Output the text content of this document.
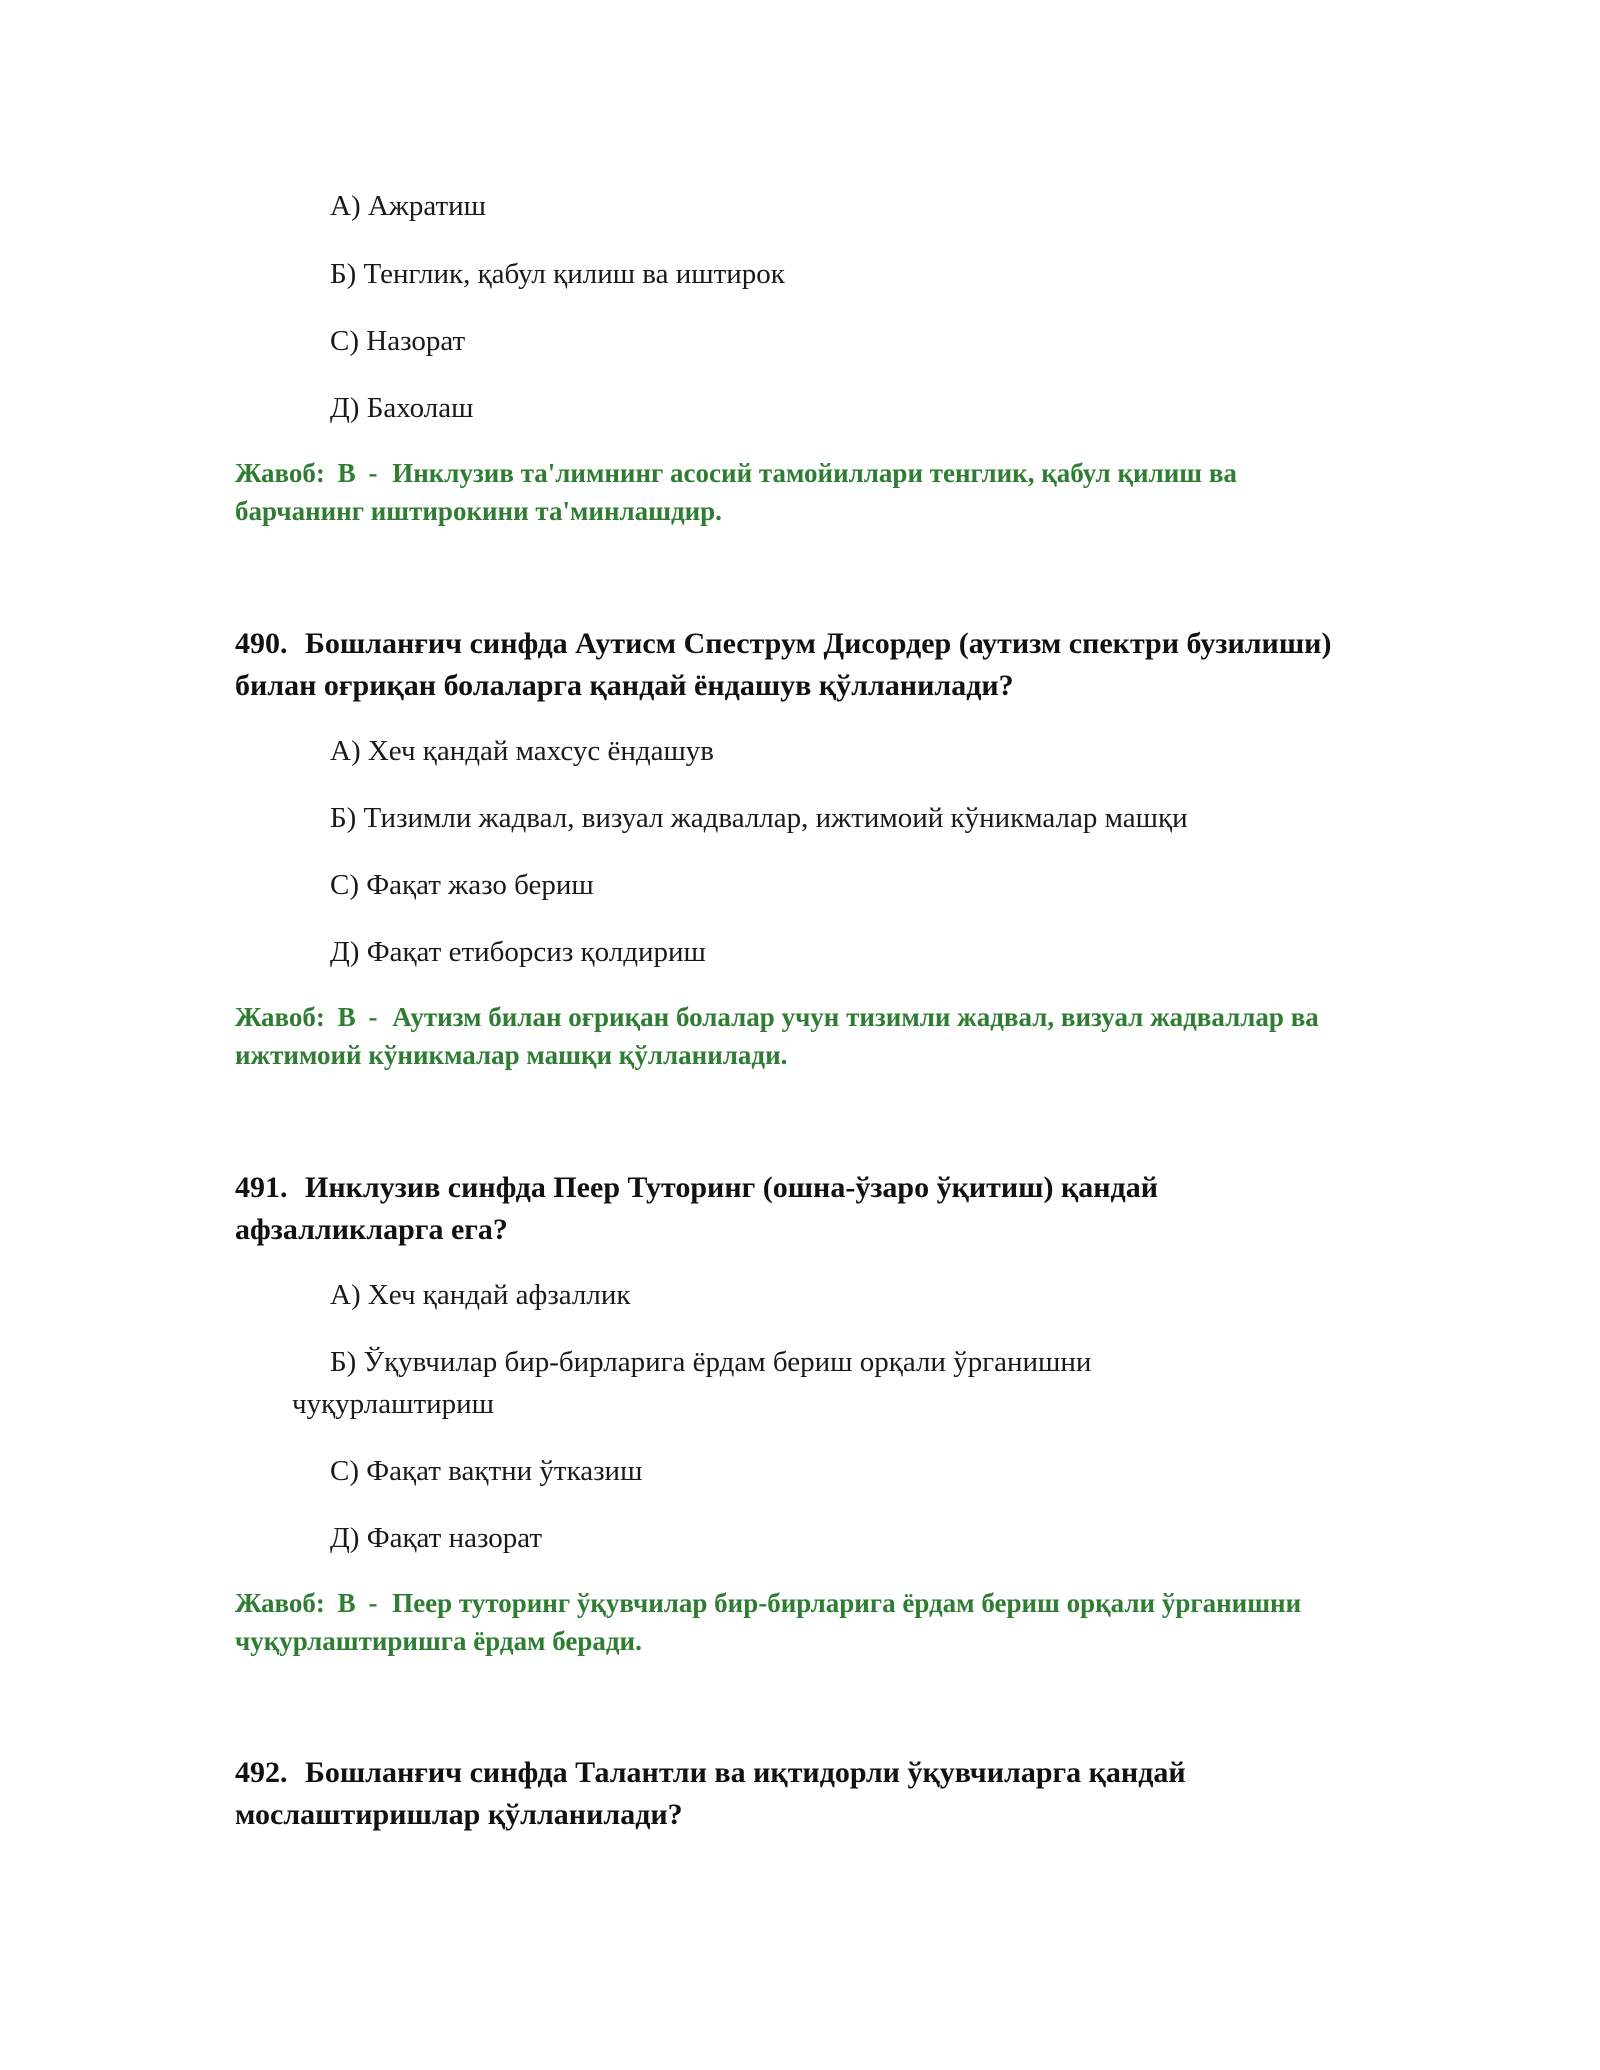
А) Ажратиш
Б) Тенглик, қабул қилиш ва иштирок
С) Назорат
Д) Бахолаш
Жавоб: В - Инклузив та'лимнинг асосий тамойиллари тенглик, қабул қилиш ва барчанинг иштирокини та'минлашдир.
490. Бошланғич синфда Аутисм Спеструм Дисордер (аутизм спектри бузилиши) билан оғриқан болаларга қандай ёндашув қўлланилади?
А) Хеч қандай махсус ёндашув
Б) Тизимли жадвал, визуал жадваллар, ижтимоий кўникмалар машқи
С) Фақат жазо бериш
Д) Фақат етиборсиз қолдириш
Жавоб: В - Аутизм билан оғриқан болалар учун тизимли жадвал, визуал жадваллар ва ижтимоий кўникмалар машқи қўлланилади.
491. Инклузив синфда Пеер Туторинг (ошна-ўзаро ўқитиш) қандай афзалликларга ега?
А) Хеч қандай афзаллик
Б) Ўқувчилар бир-бирларига ёрдам бериш орқали ўрганишни чуқурлаштириш
С) Фақат вақтни ўтказиш
Д) Фақат назорат
Жавоб: В - Пеер туторинг ўқувчилар бир-бирларига ёрдам бериш орқали ўрганишни чуқурлаштиришга ёрдам беради.
492. Бошланғич синфда Талантли ва иқтидорли ўқувчиларга қандай мослаштиришлар қўлланилади?
